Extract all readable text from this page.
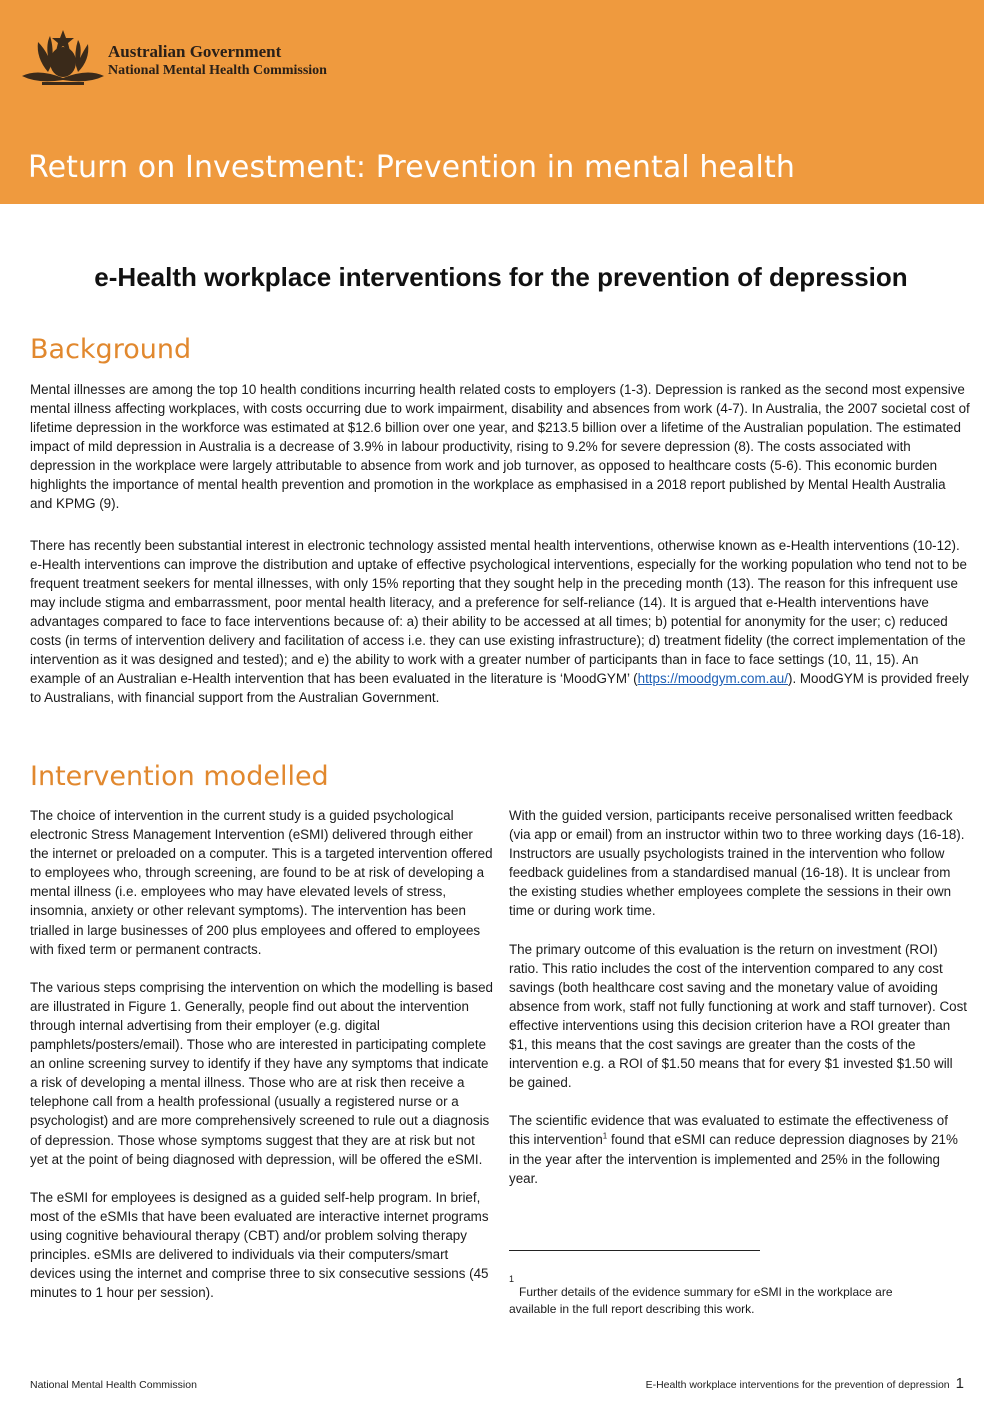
Australian Government
National Mental Health Commission
Return on Investment: Prevention in mental health
e-Health workplace interventions for the prevention of depression
Background

Mental illnesses are among the top 10 health conditions incurring health related costs to employers (1-3). Depression is ranked as the second most expensive mental illness affecting workplaces, with costs occurring due to work impairment, disability and absences from work (4-7). In Australia, the 2007 societal cost of lifetime depression in the workforce was estimated at $12.6 billion over one year, and $213.5 billion over a lifetime of the Australian population. The estimated impact of mild depression in Australia is a decrease of 3.9% in labour productivity, rising to 9.2% for severe depression (8). The costs associated with depression in the workplace were largely attributable to absence from work and job turnover, as opposed to healthcare costs (5-6). This economic burden highlights the importance of mental health prevention and promotion in the workplace as emphasised in a 2018 report published by Mental Health Australia and KPMG (9).

There has recently been substantial interest in electronic technology assisted mental health interventions, otherwise known as e-Health interventions (10-12). e-Health interventions can improve the distribution and uptake of effective psychological interventions, especially for the working population who tend not to be frequent treatment seekers for mental illnesses, with only 15% reporting that they sought help in the preceding month (13). The reason for this infrequent use may include stigma and embarrassment, poor mental health literacy, and a preference for self-reliance (14). It is argued that e-Health interventions have advantages compared to face to face interventions because of: a) their ability to be accessed at all times; b) potential for anonymity for the user; c) reduced costs (in terms of intervention delivery and facilitation of access i.e. they can use existing infrastructure); d) treatment fidelity (the correct implementation of the intervention as it was designed and tested); and e) the ability to work with a greater number of participants than in face to face settings (10, 11, 15). An example of an Australian e-Health intervention that has been evaluated in the literature is ‘MoodGYM’ (https://moodgym.com.au/). MoodGYM is provided freely to Australians, with financial support from the Australian Government.

Intervention modelled

The choice of intervention in the current study is a guided psychological electronic Stress Management Intervention (eSMI) delivered through either the internet or preloaded on a computer. This is a targeted intervention offered to employees who, through screening, are found to be at risk of developing a mental illness (i.e. employees who may have elevated levels of stress, insomnia, anxiety or other relevant symptoms). The intervention has been trialled in large businesses of 200 plus employees and offered to employees with fixed term or permanent contracts.

The various steps comprising the intervention on which the modelling is based are illustrated in Figure 1. Generally, people find out about the intervention through internal advertising from their employer (e.g. digital pamphlets/posters/email). Those who are interested in participating complete an online screening survey to identify if they have any symptoms that indicate a risk of developing a mental illness. Those who are at risk then receive a telephone call from a health professional (usually a registered nurse or a psychologist) and are more comprehensively screened to rule out a diagnosis of depression. Those whose symptoms suggest that they are at risk but not yet at the point of being diagnosed with depression, will be offered the eSMI.

The eSMI for employees is designed as a guided self-help program. In brief, most of the eSMIs that have been evaluated are interactive internet programs using cognitive behavioural therapy (CBT) and/or problem solving therapy principles. eSMIs are delivered to individuals via their computers/smart devices using the internet and comprise three to six consecutive sessions (45 minutes to 1 hour per session).

With the guided version, participants receive personalised written feedback (via app or email) from an instructor within two to three working days (16-18). Instructors are usually psychologists trained in the intervention who follow feedback guidelines from a standardised manual (16-18). It is unclear from the existing studies whether employees complete the sessions in their own time or during work time.

The primary outcome of this evaluation is the return on investment (ROI) ratio. This ratio includes the cost of the intervention compared to any cost savings (both healthcare cost saving and the monetary value of avoiding absence from work, staff not fully functioning at work and staff turnover). Cost effective interventions using this decision criterion have a ROI greater than $1, this means that the cost savings are greater than the costs of the intervention e.g. a ROI of $1.50 means that for every $1 invested $1.50 will be gained.

The scientific evidence that was evaluated to estimate the effectiveness of this intervention$^1$ found that eSMI can reduce depression diagnoses by 21% in the year after the intervention is implemented and 25% in the following year.

1
Further details of the evidence summary for eSMI in the workplace are
available in the full report describing this work.
National Mental Health Commission	E-Health workplace interventions for the prevention of depression 1
